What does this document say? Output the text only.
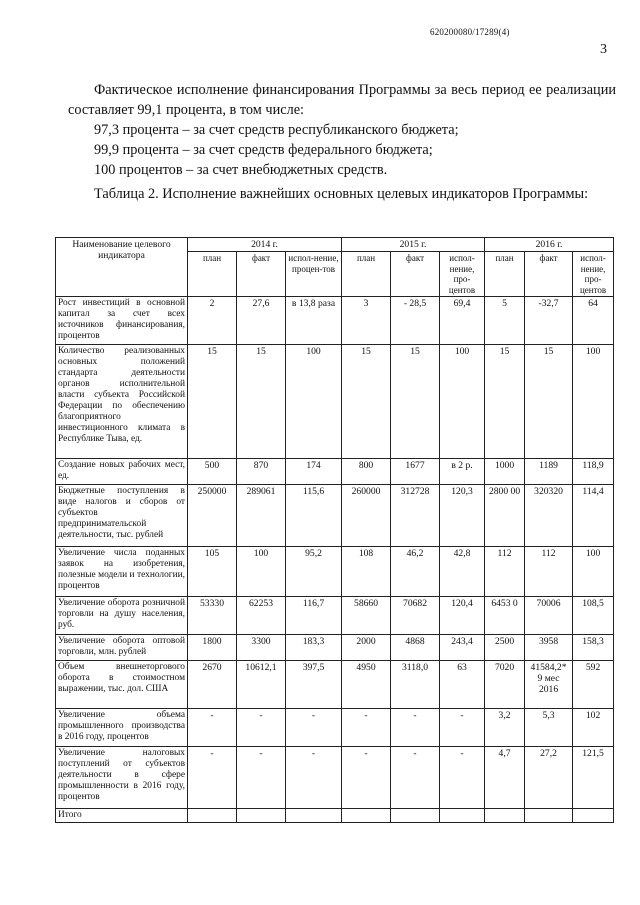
620200080/17289(4)
3

Фактическое исполнение финансирования Программы за весь период ее реализации составляет 99,1 процента, в том числе:

97,3 процента – за счет средств республиканского бюджета;

99,9 процента – за счет средств федерального бюджета;

100 процентов – за счет внебюджетных средств.

Таблица 2. Исполнение важнейших основных целевых индикаторов Программы:
Наименование целевого индикатора	2014 г.			2015 г.			2016 г.		
	план	факт	испол-нение, процен-тов	план	факт	испол-нение, про-центов	план	факт	испол-нение, про-центов
Рост инвестиций в основной капитал за счет всех источников финансирования, процентов	2	27,6	в 13,8 раза	3	- 28,5	69,4	5	-32,7	64
Количество реализованных основных положений стандарта деятельности органов исполнительной власти субъекта Российской Федерации по обеспечению благоприятного инвестиционного климата в Республике Тыва, ед.	15	15	100	15	15	100	15	15	100
Создание новых рабочих мест, ед.	500	870	174	800	1677	в 2 р.	1000	1189	118,9
Бюджетные поступления в виде налогов и сборов от субъектов предпринимательской деятельности, тыс. рублей	250000	289061	115,6	260000	312728	120,3	2800 00	320320	114,4
Увеличение числа поданных заявок на изобретения, полезные модели и технологии, процентов	105	100	95,2	108	46,2	42,8	112	112	100
Увеличение оборота розничной торговли на душу населения, руб.	53330	62253	116,7	58660	70682	120,4	6453 0	70006	108,5
Увеличение оборота оптовой торговли, млн. рублей	1800	3300	183,3	2000	4868	243,4	2500	3958	158,3
Объем внешнеторгового оборота в стоимостном выражении, тыс. дол. США	2670	10612,1	397,5	4950	3118,0	63	7020	41584,2* 9 мес 2016	592
Увеличение объема промышленного производства в 2016 году, процентов	-	-	-	-	-	-	3,2	5,3	102
Увеличение налоговых поступлений от субъектов деятельности в сфере промышленности в 2016 году, процентов	-	-	-	-	-	-	4,7	27,2	121,5
Итого									
